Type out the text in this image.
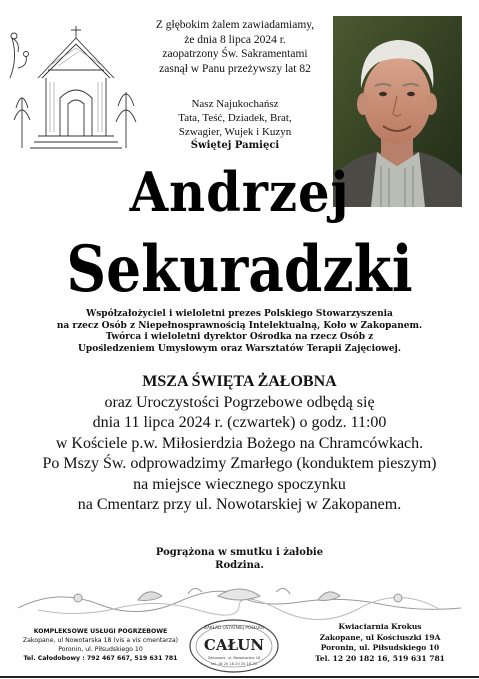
Z głębokim żalem zawiadamiamy,
że dnia 8 lipca 2024 r.
zaopatrzony Św. Sakramentami
zasnął w Panu przeżywszy lat 82
Nasz Najukochańsz
Tata, Teść, Dziadek, Brat,
Szwagier, Wujek i Kuzyn
Świętej Pamięci
Andrzej
Sekuradzki
Współzałożyciel i wieloletni prezes Polskiego Stowarzyszenia
na rzecz Osób z Niepełnosprawnością Intelektualną, Koło w Zakopanem.
Twórca i wieloletni dyrektor Ośrodka na rzecz Osób z
Upośledzeniem Umysłowym oraz Warsztatów Terapii Zajęciowej.
MSZA ŚWIĘTA ŻAŁOBNA
oraz Uroczystości Pogrzebowe odbędą się
dnia 11 lipca 2024 r. (czwartek) o godz. 11:00
w Kościele p.w. Miłosierdzia Bożego na Chramcówkach.
Po Mszy Św. odprowadzimy Zmarłego (konduktem pieszym)
na miejsce wiecznego spoczynku
na Cmentarz przy ul. Nowotarskiej w Zakopanem.
Pogrążona w smutku i żałobie
Rodzina.
KOMPLEKSOWE USŁUGI POGRZEBOWE
Zakopane, ul Nowotarska 18 (vis a vis cmentarza)
Poronin, ul. Piłsudskiego 10
Tel. Całodobowy : 792 467 667, 519 631 781
ZAKŁAD OSTATNIEJ POSŁUGI
CAŁUN
Zakopane, ul. Nowotarska 18
tel. 18 20 18 20 20 18 20
Kwiaciarnia Krokus
Zakopane, ul Kościuszki 19A
Poronin, ul. Piłsudskiego 10
Tel. 12 20 182 16, 519 631 781
